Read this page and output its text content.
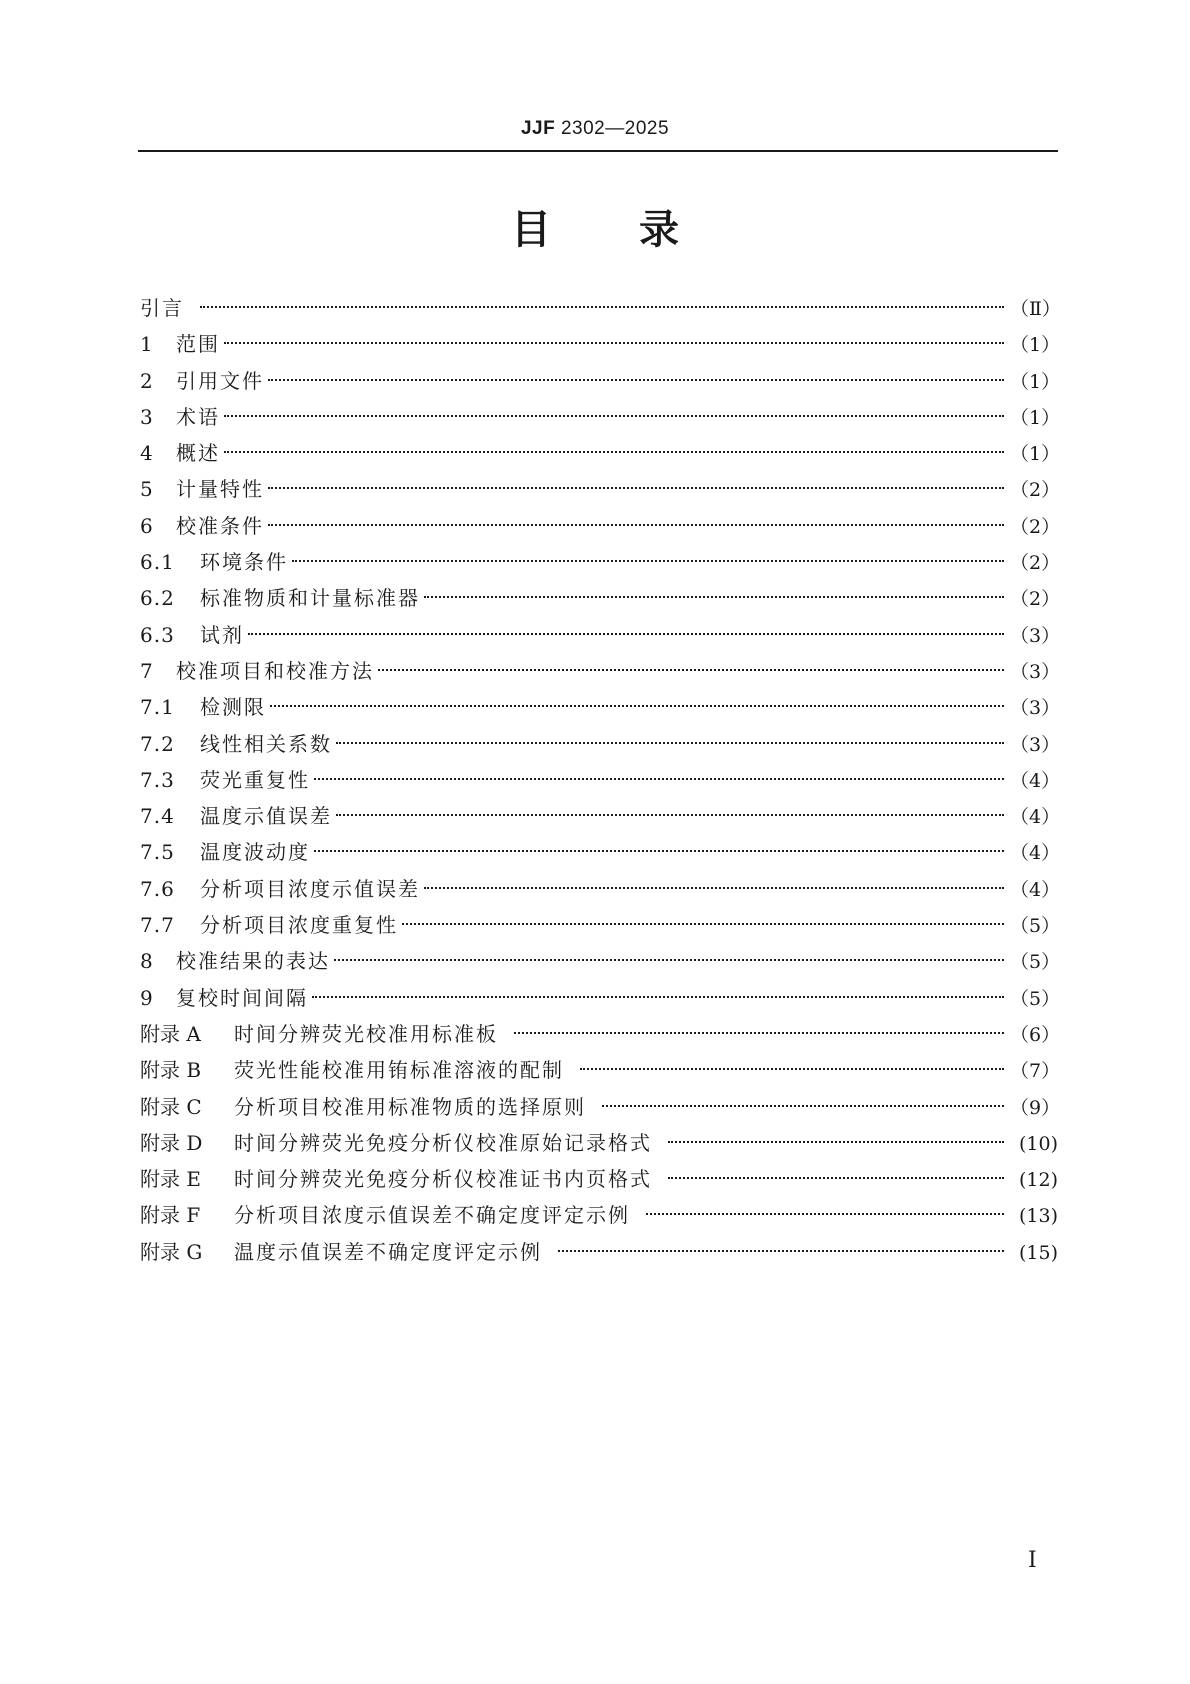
JJF 2302—2025
目 录
引言	（Ⅱ）
1	范围	（1）
2	引用文件	（1）
3	术语	（1）
4	概述	（1）
5	计量特性	（2）
6	校准条件	（2）
6.1	环境条件	（2）
6.2	标准物质和计量标准器	（2）
6.3	试剂	（3）
7	校准项目和校准方法	（3）
7.1	检测限	（3）
7.2	线性相关系数	（3）
7.3	荧光重复性	（4）
7.4	温度示值误差	（4）
7.5	温度波动度	（4）
7.6	分析项目浓度示值误差	（4）
7.7	分析项目浓度重复性	（5）
8	校准结果的表达	（5）
9	复校时间间隔	（5）
附录 A	时间分辨荧光校准用标准板	（6）
附录 B	荧光性能校准用铕标准溶液的配制	（7）
附录 C	分析项目校准用标准物质的选择原则	（9）
附录 D	时间分辨荧光免疫分析仪校准原始记录格式	(10)
附录 E	时间分辨荧光免疫分析仪校准证书内页格式	(12)
附录 F	分析项目浓度示值误差不确定度评定示例	(13)
附录 G	温度示值误差不确定度评定示例	(15)
Ⅰ
